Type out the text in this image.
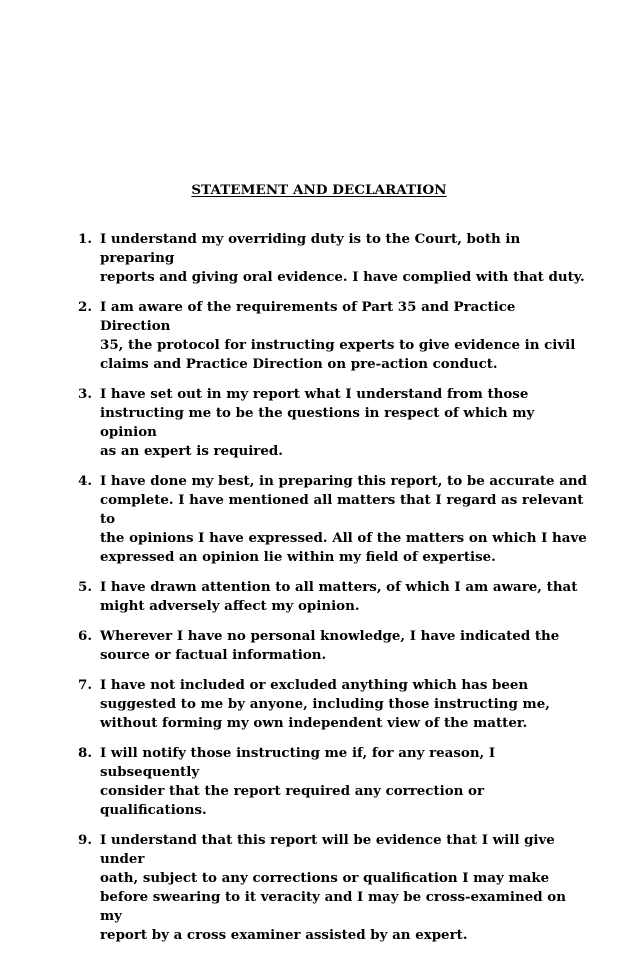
STATEMENT AND DECLARATION
1. I understand my overriding duty is to the Court, both in preparing
reports and giving oral evidence. I have complied with that duty.
2. I am aware of the requirements of Part 35 and Practice Direction
35, the protocol for instructing experts to give evidence in civil
claims and Practice Direction on pre-action conduct.
3. I have set out in my report what I understand from those
instructing me to be the questions in respect of which my opinion
as an expert is required.
4. I have done my best, in preparing this report, to be accurate and
complete. I have mentioned all matters that I regard as relevant to
the opinions I have expressed. All of the matters on which I have
expressed an opinion lie within my field of expertise.
5. I have drawn attention to all matters, of which I am aware, that
might adversely affect my opinion.
6. Wherever I have no personal knowledge, I have indicated the
source or factual information.
7. I have not included or excluded anything which has been
suggested to me by anyone, including those instructing me,
without forming my own independent view of the matter.
8. I will notify those instructing me if, for any reason, I subsequently
consider that the report required any correction or qualifications.
9. I understand that this report will be evidence that I will give under
oath, subject to any corrections or qualification I may make
before swearing to it veracity and I may be cross-examined on my
report by a cross examiner assisted by an expert.
